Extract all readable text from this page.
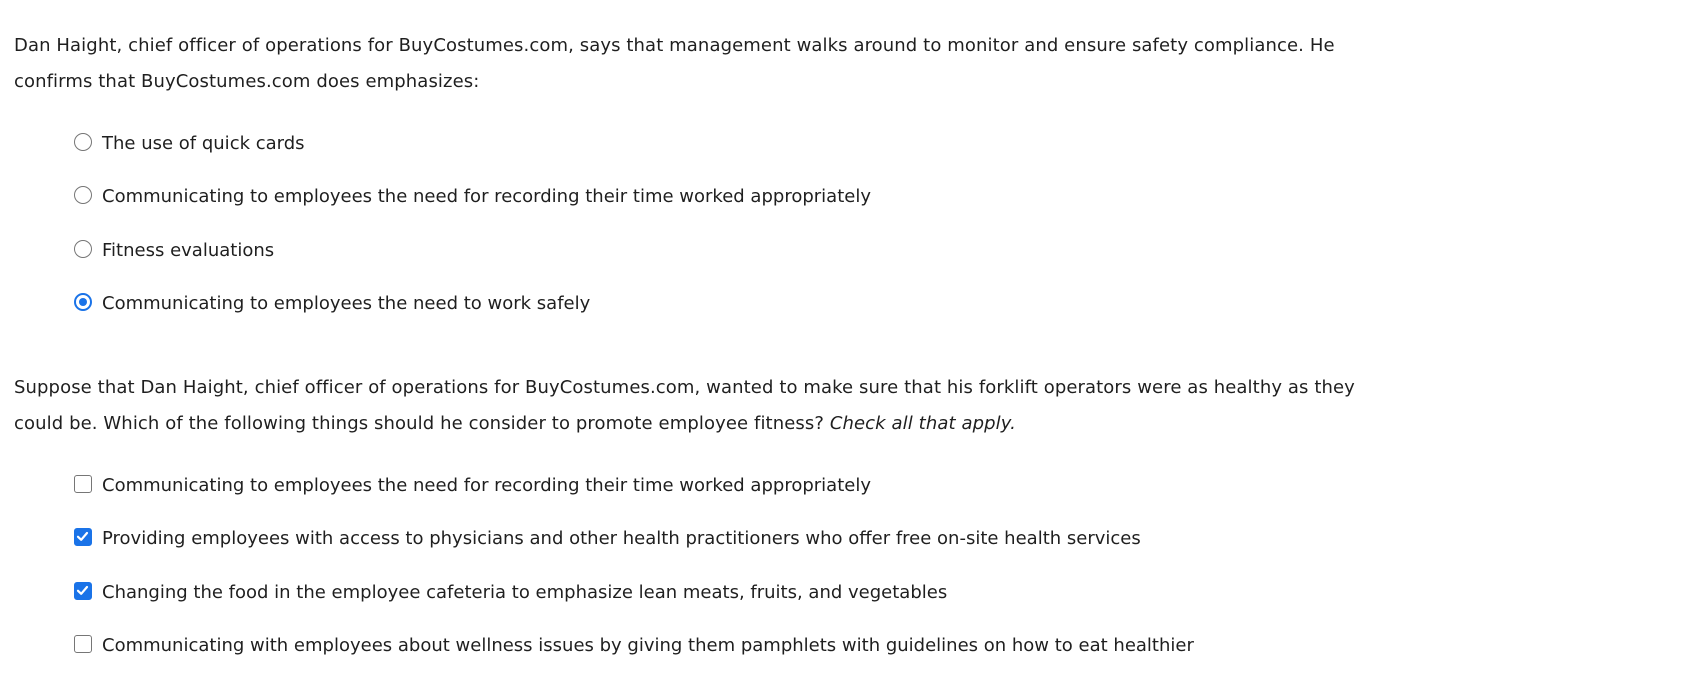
Dan Haight, chief officer of operations for BuyCostumes.com, says that management walks around to monitor and ensure safety compliance. He confirms that BuyCostumes.com does emphasizes:
The use of quick cards
Communicating to employees the need for recording their time worked appropriately
Fitness evaluations
Communicating to employees the need to work safely
Suppose that Dan Haight, chief officer of operations for BuyCostumes.com, wanted to make sure that his forklift operators were as healthy as they could be. Which of the following things should he consider to promote employee fitness? Check all that apply.
Communicating to employees the need for recording their time worked appropriately
Providing employees with access to physicians and other health practitioners who offer free on-site health services
Changing the food in the employee cafeteria to emphasize lean meats, fruits, and vegetables
Communicating with employees about wellness issues by giving them pamphlets with guidelines on how to eat healthier
